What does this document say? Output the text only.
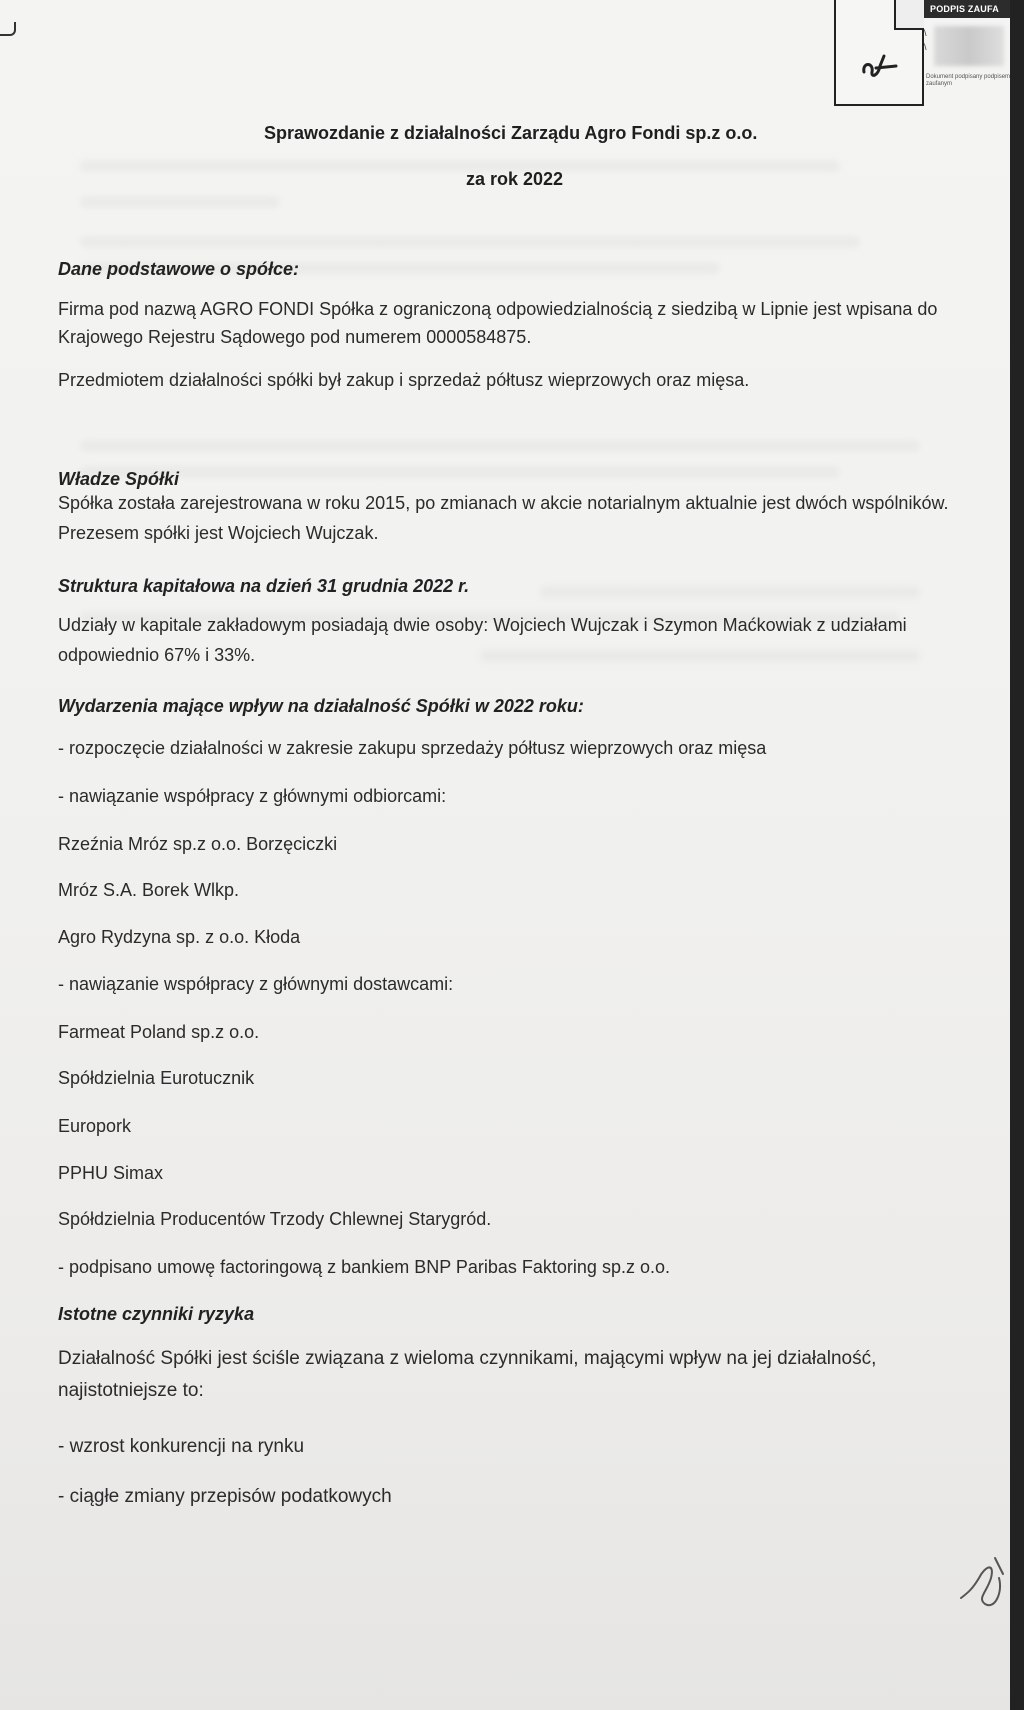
PODPIS ZAUFA
\
\
Dokument podpisany podpisem zaufanym

Sprawozdanie z działalności Zarządu Agro Fondi sp.z o.o.

za rok 2022

Dane podstawowe o spółce:

Firma pod nazwą AGRO FONDI Spółka z ograniczoną odpowiedzialnością z siedzibą w Lipnie jest wpisana do Krajowego Rejestru Sądowego pod numerem 0000584875.

Przedmiotem działalności spółki był zakup i sprzedaż półtusz wieprzowych oraz mięsa.

Władze Spółki

Spółka została zarejestrowana w roku 2015, po zmianach w akcie notarialnym aktualnie jest dwóch wspólników. Prezesem spółki jest Wojciech Wujczak.

Struktura kapitałowa na dzień 31 grudnia 2022 r.

Udziały w kapitale zakładowym posiadają dwie osoby: Wojciech Wujczak i Szymon Maćkowiak z udziałami odpowiednio 67% i 33%.

Wydarzenia mające wpływ na działalność Spółki w 2022 roku:

- rozpoczęcie działalności w zakresie zakupu sprzedaży półtusz wieprzowych oraz mięsa

- nawiązanie współpracy z głównymi odbiorcami:

Rzeźnia Mróz sp.z o.o. Borzęciczki

Mróz S.A. Borek Wlkp.

Agro Rydzyna sp. z o.o. Kłoda

- nawiązanie współpracy z głównymi dostawcami:

Farmeat Poland sp.z o.o.

Spółdzielnia Eurotucznik

Europork

PPHU Simax

Spółdzielnia Producentów Trzody Chlewnej Starygród.

- podpisano umowę factoringową z bankiem BNP Paribas Faktoring sp.z o.o.

Istotne czynniki ryzyka

Działalność Spółki jest ściśle związana z wieloma czynnikami, mającymi wpływ na jej działalność, najistotniejsze to:

- wzrost konkurencji na rynku

- ciągłe zmiany przepisów podatkowych
